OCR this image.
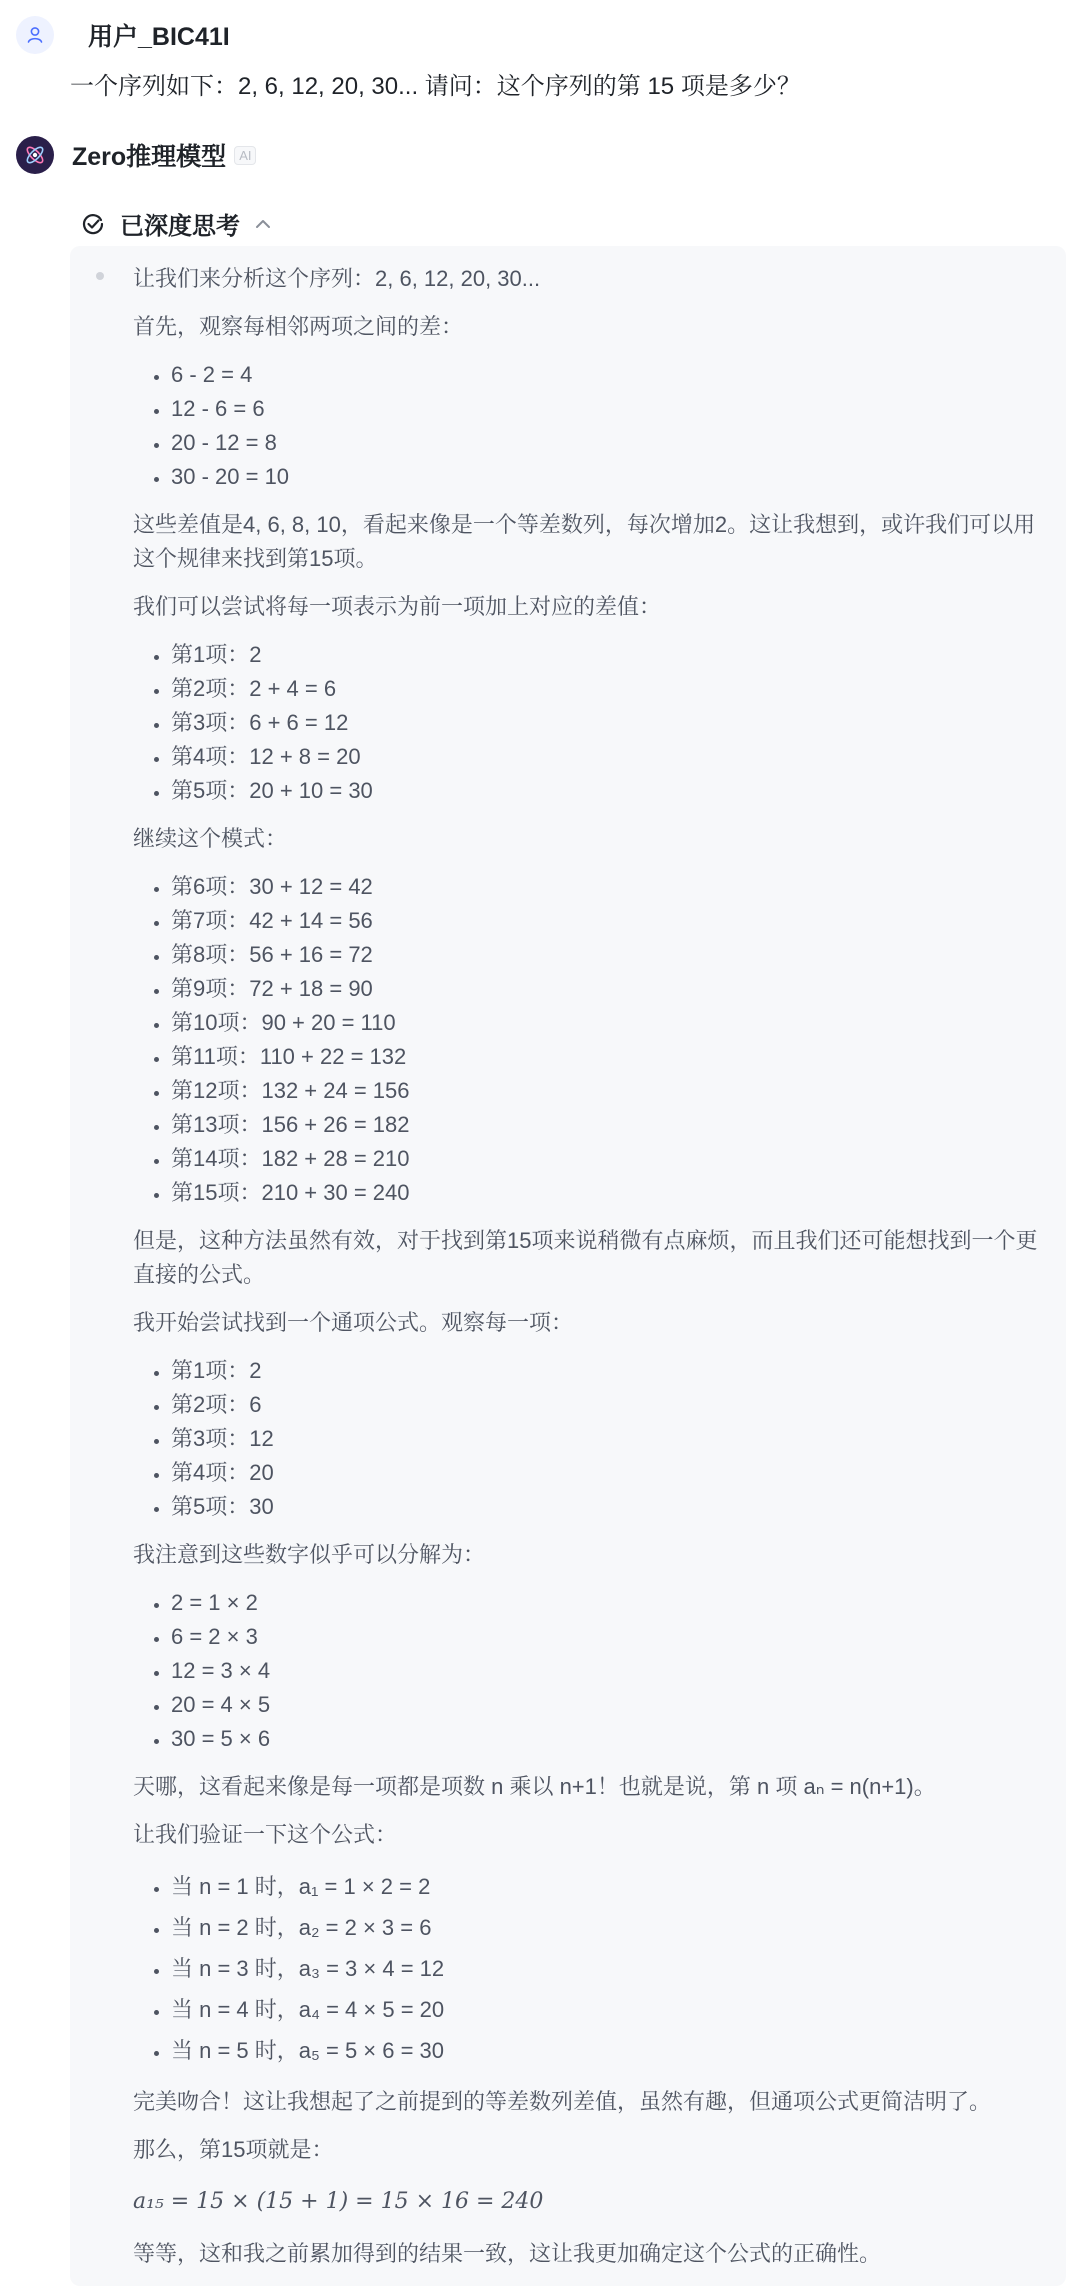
用户_BIC41I
一个序列如下：2, 6, 12, 20, 30... 请问：这个序列的第 15 项是多少？
Zero推理模型	AI
已深度思考

让我们来分析这个序列：2, 6, 12, 20, 30...

首先，观察每相邻两项之间的差：

• 6 - 2 = 4
• 12 - 6 = 6
• 20 - 12 = 8
• 30 - 20 = 10

这些差值是4, 6, 8, 10，看起来像是一个等差数列，每次增加2。这让我想到，或许我们可以用这个规律来找到第15项。

我们可以尝试将每一项表示为前一项加上对应的差值：

• 第1项：2
• 第2项：2 + 4 = 6
• 第3项：6 + 6 = 12
• 第4项：12 + 8 = 20
• 第5项：20 + 10 = 30

继续这个模式：

• 第6项：30 + 12 = 42
• 第7项：42 + 14 = 56
• 第8项：56 + 16 = 72
• 第9项：72 + 18 = 90
• 第10项：90 + 20 = 110
• 第11项：110 + 22 = 132
• 第12项：132 + 24 = 156
• 第13项：156 + 26 = 182
• 第14项：182 + 28 = 210
• 第15项：210 + 30 = 240

但是，这种方法虽然有效，对于找到第15项来说稍微有点麻烦，而且我们还可能想找到一个更直接的公式。

我开始尝试找到一个通项公式。观察每一项：

• 第1项：2
• 第2项：6
• 第3项：12
• 第4项：20
• 第5项：30

我注意到这些数字似乎可以分解为：

• 2 = 1 × 2
• 6 = 2 × 3
• 12 = 3 × 4
• 20 = 4 × 5
• 30 = 5 × 6

天哪，这看起来像是每一项都是项数 n 乘以 n+1！也就是说，第 n 项 aₙ = n(n+1)。

让我们验证一下这个公式：

• 当 n = 1 时，a₁ = 1 × 2 = 2
• 当 n = 2 时，a₂ = 2 × 3 = 6
• 当 n = 3 时，a₃ = 3 × 4 = 12
• 当 n = 4 时，a₄ = 4 × 5 = 20
• 当 n = 5 时，a₅ = 5 × 6 = 30

完美吻合！这让我想起了之前提到的等差数列差值，虽然有趣，但通项公式更简洁明了。

那么，第15项就是：

a₁₅ = 15 × (15 + 1) = 15 × 16 = 240

等等，这和我之前累加得到的结果一致，这让我更加确定这个公式的正确性。
